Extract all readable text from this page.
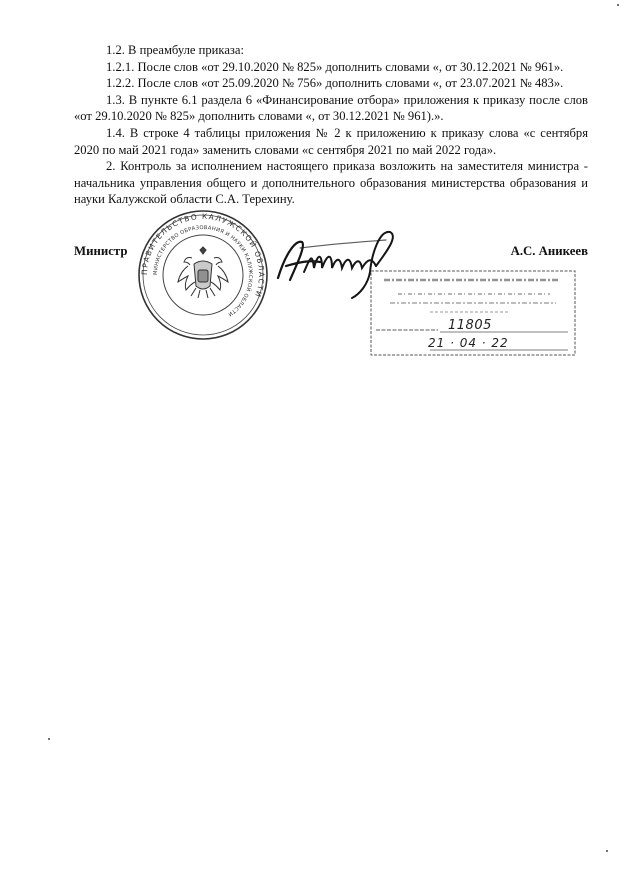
1.2. В преамбуле приказа:

1.2.1. После слов «от 29.10.2020 № 825» дополнить словами «, от 30.12.2021 № 961».

1.2.2. После слов «от 25.09.2020 № 756» дополнить словами «, от 23.07.2021 № 483».

1.3. В пункте 6.1 раздела 6 «Финансирование отбора» приложения к приказу после слов «от 29.10.2020 № 825» дополнить словами «, от 30.12.2021 № 961).».

1.4. В строке 4 таблицы приложения № 2 к приложению к приказу слова «с сентября 2020 по май 2021 года» заменить словами «с сентября 2021 по май 2022 года».

2. Контроль за исполнением настоящего приказа возложить на заместителя министра - начальника управления общего и дополнительного образования министерства образования и науки Калужской области С.А. Терехину.

ПРАВИТЕЛЬСТВО КАЛУЖСКОЙ ОБЛАСТИ
МИНИСТЕРСТВО ОБРАЗОВАНИЯ И НАУКИ КАЛУЖСКОЙ ОБЛАСТИ
11805
21 · 04 · 22
Министр	А.С. Аникеев
